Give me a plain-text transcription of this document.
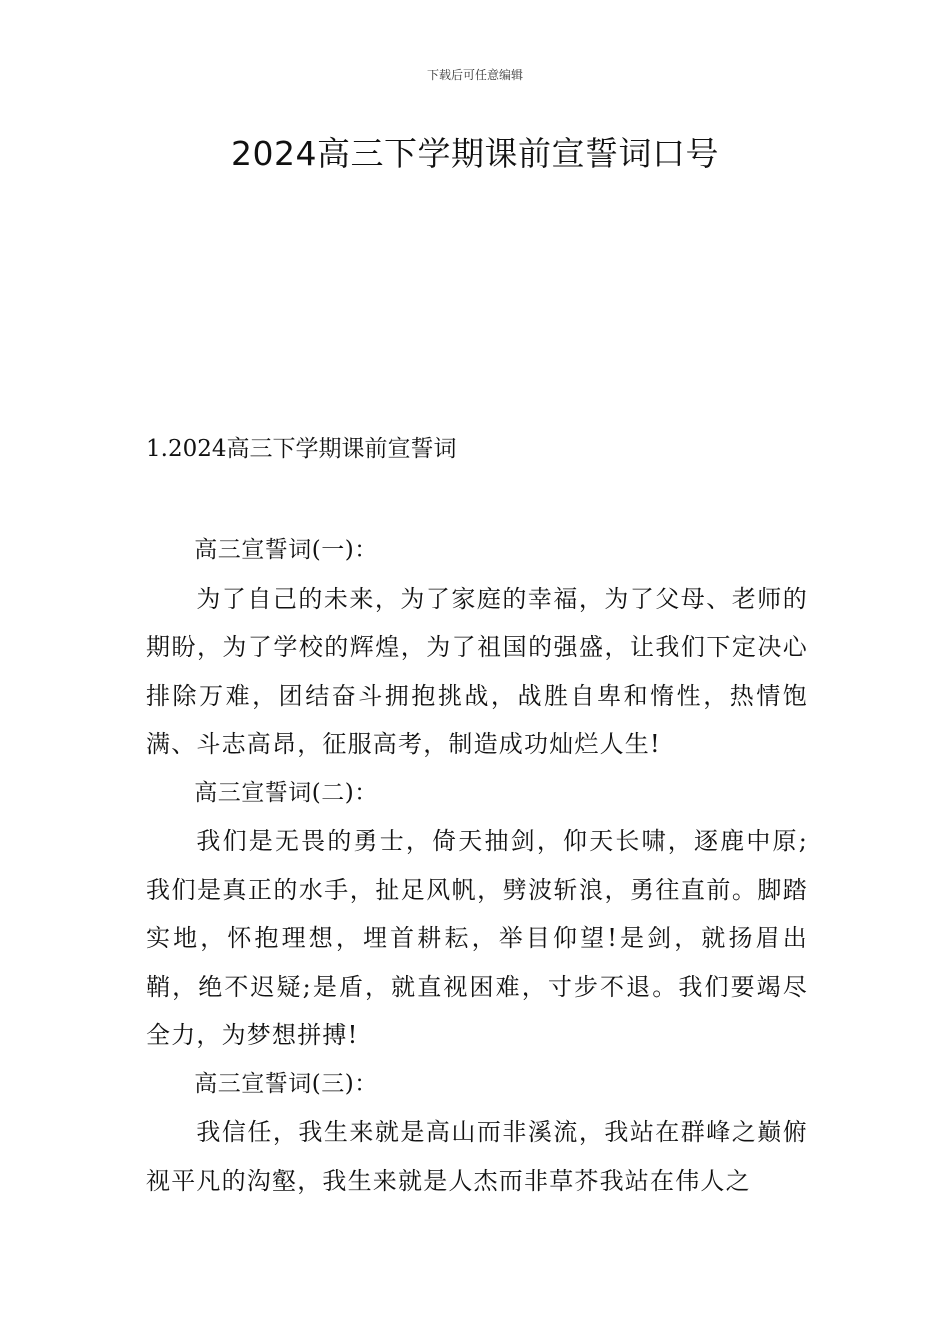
下载后可任意编辑
2024高三下学期课前宣誓词口号
1.2024高三下学期课前宣誓词

高三宣誓词(一)：

为了自己的未来，为了家庭的幸福，为了父母、老师的期盼，为了学校的辉煌，为了祖国的强盛，让我们下定决心排除万难，团结奋斗拥抱挑战，战胜自卑和惰性，热情饱满、斗志高昂，征服高考，制造成功灿烂人生!

高三宣誓词(二)：

我们是无畏的勇士，倚天抽剑，仰天长啸，逐鹿中原;我们是真正的水手，扯足风帆，劈波斩浪，勇往直前。脚踏实地，怀抱理想，埋首耕耘，举目仰望!是剑，就扬眉出鞘，绝不迟疑;是盾，就直视困难，寸步不退。我们要竭尽全力，为梦想拼搏!

高三宣誓词(三)：

我信任，我生来就是高山而非溪流，我站在群峰之巅俯视平凡的沟壑，我生来就是人杰而非草芥我站在伟人之
